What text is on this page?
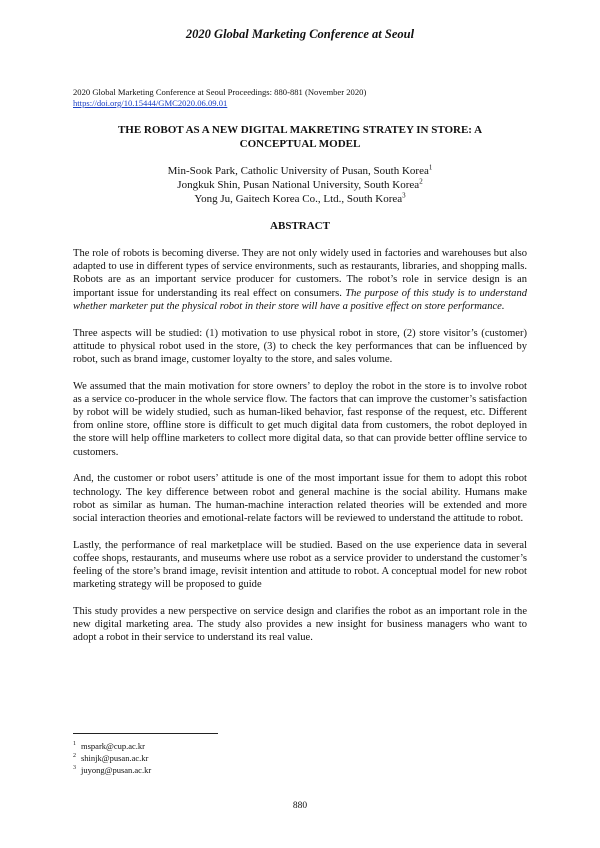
2020 Global Marketing Conference at Seoul
2020 Global Marketing Conference at Seoul Proceedings: 880-881 (November 2020)
https://doi.org/10.15444/GMC2020.06.09.01
THE ROBOT AS A NEW DIGITAL MAKRETING STRATEY IN STORE: A
CONCEPTUAL MODEL
Min-Sook Park, Catholic University of Pusan, South Korea$^1$
Jongkuk Shin, Pusan National University, South Korea$^2$
Yong Ju, Gaitech Korea Co., Ltd., South Korea$^3$
ABSTRACT

The role of robots is becoming diverse. They are not only widely used in factories and warehouses but also adapted to use in different types of service environments, such as restaurants, libraries, and shopping malls. Robots are as an important service producer for customers. The robot’s role in service design is an important issue for understanding its real effect on consumers. The purpose of this study is to understand whether marketer put the physical robot in their store will have a positive effect on store performance.

Three aspects will be studied: (1) motivation to use physical robot in store, (2) store visitor’s (customer) attitude to physical robot used in the store, (3) to check the key performances that can be influenced by robot, such as brand image, customer loyalty to the store, and sales volume.

We assumed that the main motivation for store owners’ to deploy the robot in the store is to involve robot as a service co-producer in the whole service flow. The factors that can improve the customer’s satisfaction by robot will be widely studied, such as human-liked behavior, fast response of the request, etc. Different from online store, offline store is difficult to get much digital data from customers, the robot deployed in the store will help offline marketers to collect more digital data, so that can provide better offline service to customers.

And, the customer or robot users’ attitude is one of the most important issue for them to adopt this robot technology. The key difference between robot and general machine is the social ability. Humans make robot as similar as human. The human-machine interaction related theories will be extended and more social interaction theories and emotional-relate factors will be reviewed to understand the attitude to robot.

Lastly, the performance of real marketplace will be studied. Based on the use experience data in several coffee shops, restaurants, and museums where use robot as a service provider to understand the customer’s feeling of the store’s brand image, revisit intention and attitude to robot. A conceptual model for new robot marketing strategy will be proposed to guide

This study provides a new perspective on service design and clarifies the robot as an important role in the new digital marketing area. The study also provides a new insight for business managers who want to adopt a robot in their service to understand its real value.

$^1$ mspark@cup.ac.kr
$^2$ shinjk@pusan.ac.kr
$^3$ juyong@pusan.ac.kr
880
